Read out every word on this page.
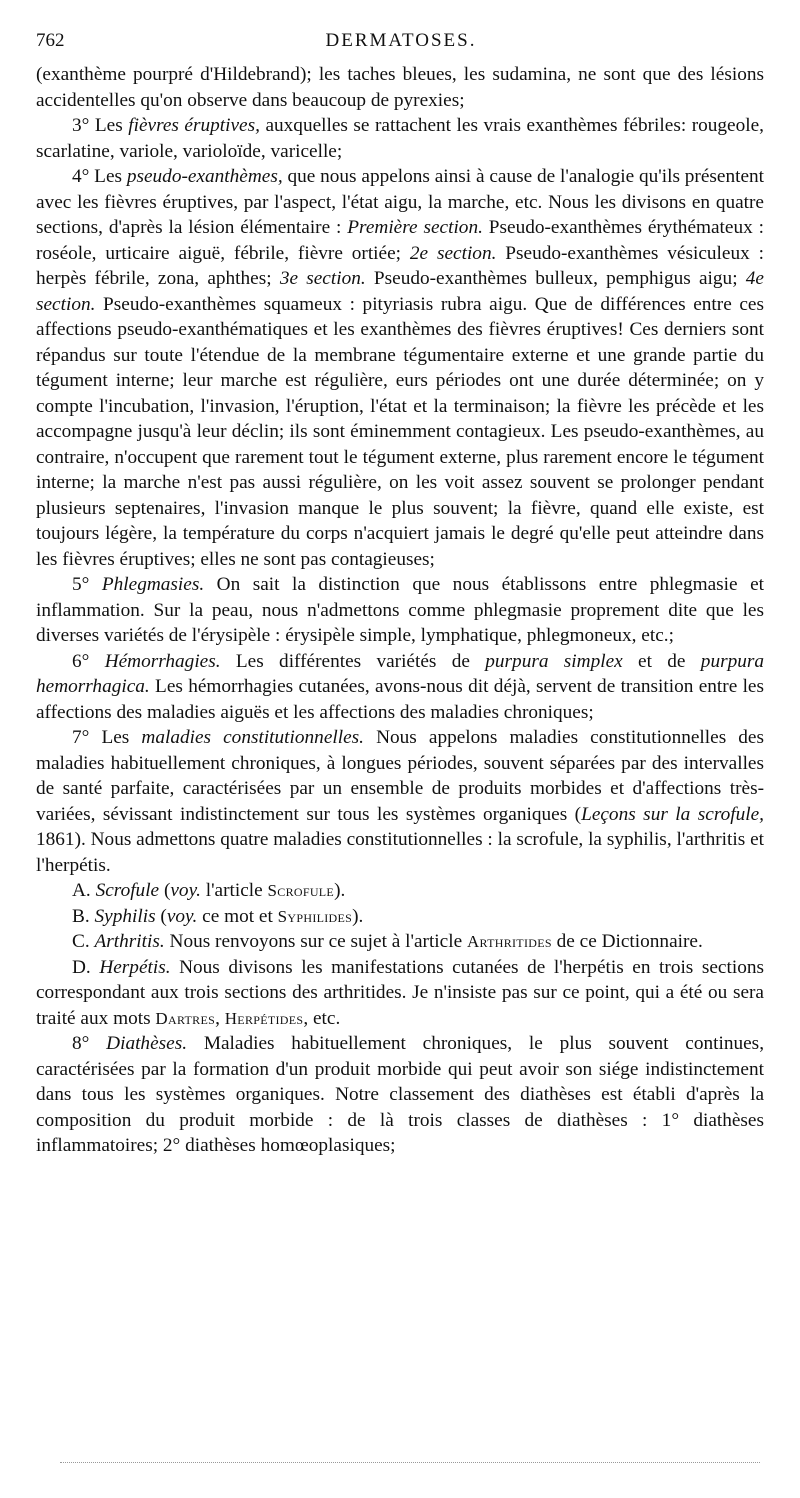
762	DERMATOSES.

(exanthème pourpré d'Hildebrand); les taches bleues, les sudamina, ne sont que des lésions accidentelles qu'on observe dans beaucoup de pyrexies;

3° Les fièvres éruptives, auxquelles se rattachent les vrais exanthèmes fébriles: rougeole, scarlatine, variole, varioloïde, varicelle;

4° Les pseudo-exanthèmes, que nous appelons ainsi à cause de l'analogie qu'ils présentent avec les fièvres éruptives, par l'aspect, l'état aigu, la marche, etc. Nous les divisons en quatre sections, d'après la lésion élémentaire : Première section. Pseudo-exanthèmes érythémateux : roséole, urticaire aiguë, fébrile, fièvre ortiée; 2e section. Pseudo-exanthèmes vésiculeux : herpès fébrile, zona, aphthes; 3e section. Pseudo-exanthèmes bulleux, pemphigus aigu; 4e section. Pseudo-exanthèmes squameux : pityriasis rubra aigu. Que de différences entre ces affections pseudo-exanthématiques et les exanthèmes des fièvres éruptives! Ces derniers sont répandus sur toute l'étendue de la membrane tégumentaire externe et une grande partie du tégument interne; leur marche est régulière, eurs périodes ont une durée déterminée; on y compte l'incubation, l'invasion, l'éruption, l'état et la terminaison; la fièvre les précède et les accompagne jusqu'à leur déclin; ils sont éminemment contagieux. Les pseudo-exanthèmes, au contraire, n'occupent que rarement tout le tégument externe, plus rarement encore le tégument interne; la marche n'est pas aussi régulière, on les voit assez souvent se prolonger pendant plusieurs septenaires, l'invasion manque le plus souvent; la fièvre, quand elle existe, est toujours légère, la température du corps n'acquiert jamais le degré qu'elle peut atteindre dans les fièvres éruptives; elles ne sont pas contagieuses;

5° Phlegmasies. On sait la distinction que nous établissons entre phlegmasie et inflammation. Sur la peau, nous n'admettons comme phlegmasie proprement dite que les diverses variétés de l'érysipèle : érysipèle simple, lymphatique, phlegmoneux, etc.;

6° Hémorrhagies. Les différentes variétés de purpura simplex et de purpura hemorrhagica. Les hémorrhagies cutanées, avons-nous dit déjà, servent de transition entre les affections des maladies aiguës et les affections des maladies chroniques;

7° Les maladies constitutionnelles. Nous appelons maladies constitutionnelles des maladies habituellement chroniques, à longues périodes, souvent séparées par des intervalles de santé parfaite, caractérisées par un ensemble de produits morbides et d'affections très-variées, sévissant indistinctement sur tous les systèmes organiques (Leçons sur la scrofule, 1861). Nous admettons quatre maladies constitutionnelles : la scrofule, la syphilis, l'arthritis et l'herpétis.

A. Scrofule (voy. l'article Scrofule).

B. Syphilis (voy. ce mot et Syphilides).

C. Arthritis. Nous renvoyons sur ce sujet à l'article Arthritides de ce Dictionnaire.

D. Herpétis. Nous divisons les manifestations cutanées de l'herpétis en trois sections correspondant aux trois sections des arthritides. Je n'insiste pas sur ce point, qui a été ou sera traité aux mots Dartres, Herpétides, etc.

8° Diathèses. Maladies habituellement chroniques, le plus souvent continues, caractérisées par la formation d'un produit morbide qui peut avoir son siége indistinctement dans tous les systèmes organiques. Notre classement des diathèses est établi d'après la composition du produit morbide : de là trois classes de diathèses : 1° diathèses inflammatoires; 2° diathèses homœoplasiques;
